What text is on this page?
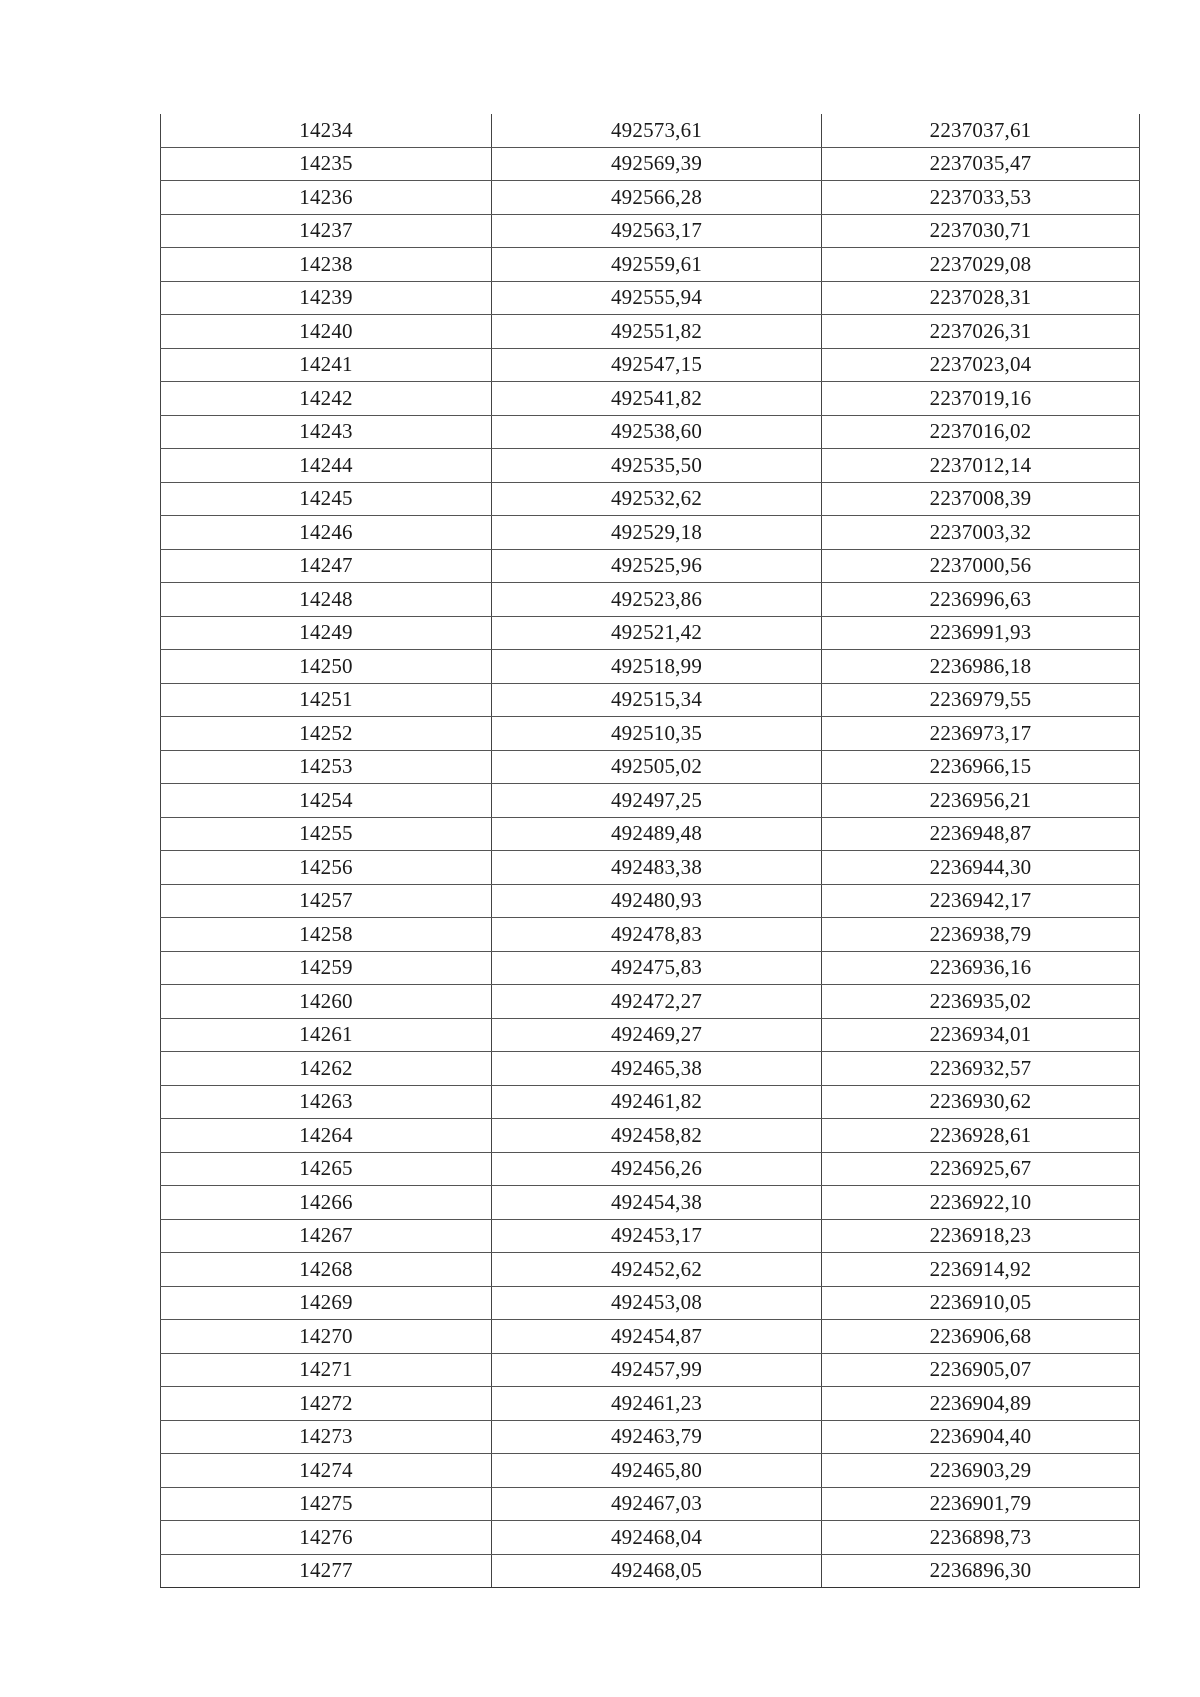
14234	492573,61	2237037,61
14235	492569,39	2237035,47
14236	492566,28	2237033,53
14237	492563,17	2237030,71
14238	492559,61	2237029,08
14239	492555,94	2237028,31
14240	492551,82	2237026,31
14241	492547,15	2237023,04
14242	492541,82	2237019,16
14243	492538,60	2237016,02
14244	492535,50	2237012,14
14245	492532,62	2237008,39
14246	492529,18	2237003,32
14247	492525,96	2237000,56
14248	492523,86	2236996,63
14249	492521,42	2236991,93
14250	492518,99	2236986,18
14251	492515,34	2236979,55
14252	492510,35	2236973,17
14253	492505,02	2236966,15
14254	492497,25	2236956,21
14255	492489,48	2236948,87
14256	492483,38	2236944,30
14257	492480,93	2236942,17
14258	492478,83	2236938,79
14259	492475,83	2236936,16
14260	492472,27	2236935,02
14261	492469,27	2236934,01
14262	492465,38	2236932,57
14263	492461,82	2236930,62
14264	492458,82	2236928,61
14265	492456,26	2236925,67
14266	492454,38	2236922,10
14267	492453,17	2236918,23
14268	492452,62	2236914,92
14269	492453,08	2236910,05
14270	492454,87	2236906,68
14271	492457,99	2236905,07
14272	492461,23	2236904,89
14273	492463,79	2236904,40
14274	492465,80	2236903,29
14275	492467,03	2236901,79
14276	492468,04	2236898,73
14277	492468,05	2236896,30
